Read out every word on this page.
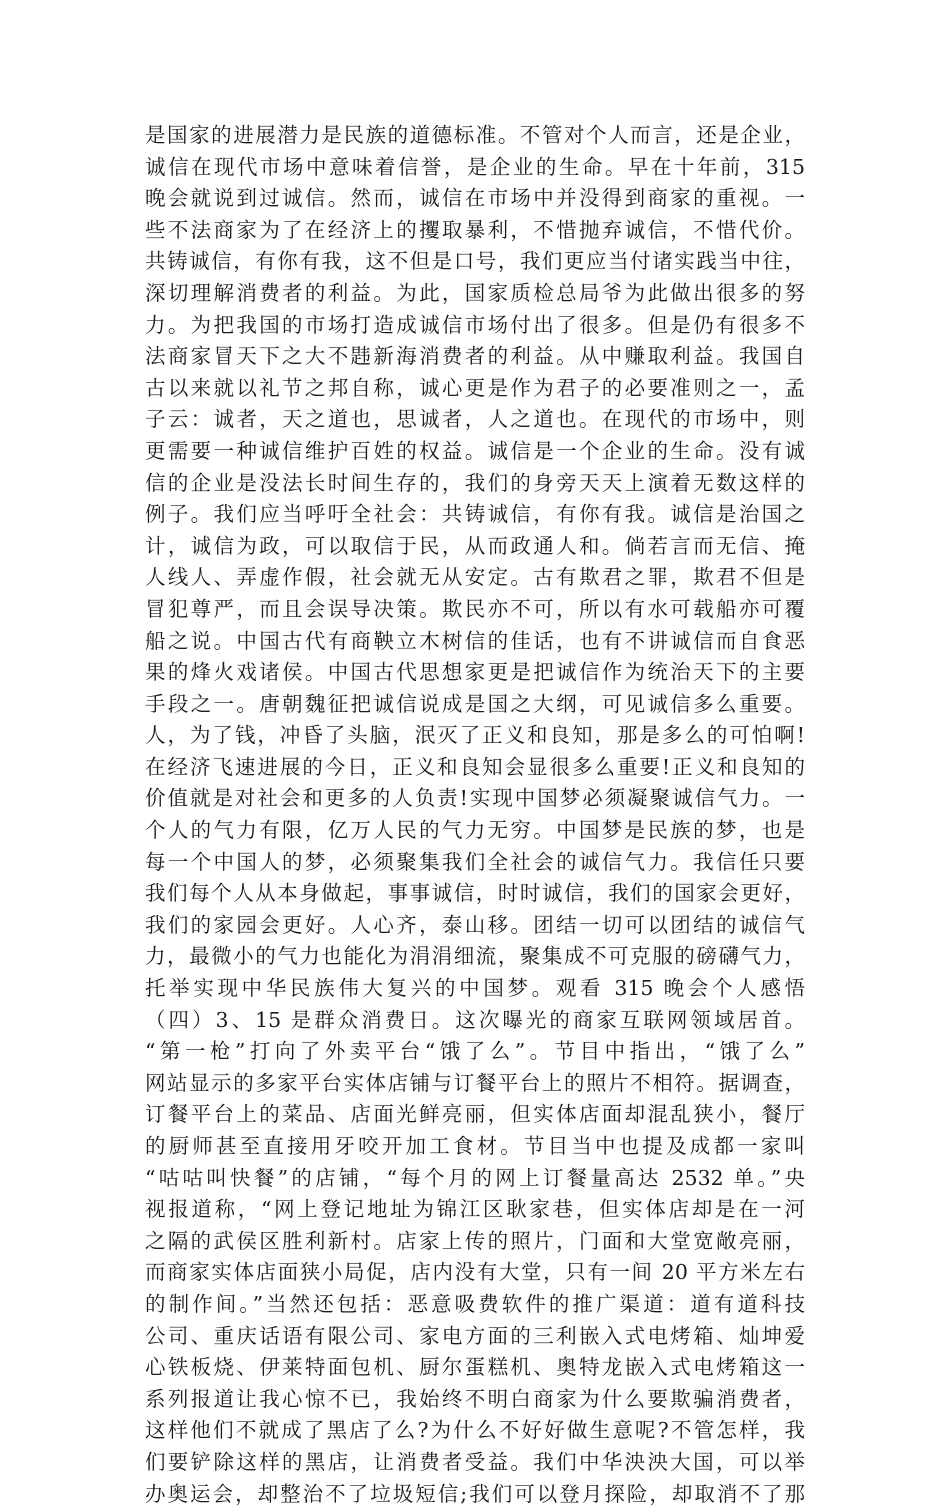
是国家的进展潜力是民族的道德标准。不管对个人而言，还是企业，
诚信在现代市场中意味着信誉，是企业的生命。早在十年前，315
晚会就说到过诚信。然而，诚信在市场中并没得到商家的重视。一
些不法商家为了在经济上的攫取暴利，不惜抛弃诚信，不惜代价。
共铸诚信，有你有我，这不但是口号，我们更应当付诸实践当中往，
深切理解消费者的利益。为此，国家质检总局爷为此做出很多的努
力。为把我国的市场打造成诚信市场付出了很多。但是仍有很多不
法商家冒天下之大不韪新海消费者的利益。从中赚取利益。我国自
古以来就以礼节之邦自称，诚心更是作为君子的必要准则之一，孟
子云：诚者，天之道也，思诚者，人之道也。在现代的市场中，则
更需要一种诚信维护百姓的权益。诚信是一个企业的生命。没有诚
信的企业是没法长时间生存的，我们的身旁天天上演着无数这样的
例子。我们应当呼吁全社会：共铸诚信，有你有我。诚信是治国之
计，诚信为政，可以取信于民，从而政通人和。倘若言而无信、掩
人线人、弄虚作假，社会就无从安定。古有欺君之罪，欺君不但是
冒犯尊严，而且会误导决策。欺民亦不可，所以有水可载船亦可覆
船之说。中国古代有商鞅立木树信的佳话，也有不讲诚信而自食恶
果的烽火戏诸侯。中国古代思想家更是把诚信作为统治天下的主要
手段之一。唐朝魏征把诚信说成是国之大纲，可见诚信多么重要。
人，为了钱，冲昏了头脑，泯灭了正义和良知，那是多么的可怕啊!
在经济飞速进展的今日，正义和良知会显很多么重要!正义和良知的
价值就是对社会和更多的人负责!实现中国梦必须凝聚诚信气力。一
个人的气力有限，亿万人民的气力无穷。中国梦是民族的梦，也是
每一个中国人的梦，必须聚集我们全社会的诚信气力。我信任只要
我们每个人从本身做起，事事诚信，时时诚信，我们的国家会更好，
我们的家园会更好。人心齐，泰山移。团结一切可以团结的诚信气
力，最微小的气力也能化为涓涓细流，聚集成不可克服的磅礴气力，
托举实现中华民族伟大复兴的中国梦。观看 315 晚会个人感悟
（四）3、15 是群众消费日。这次曝光的商家互联网领域居首。
“第一枪”打向了外卖平台“饿了么”。节目中指出，“饿了么”
网站显示的多家平台实体店铺与订餐平台上的照片不相符。据调查，
订餐平台上的菜品、店面光鲜亮丽，但实体店面却混乱狭小，餐厅
的厨师甚至直接用牙咬开加工食材。节目当中也提及成都一家叫
“咕咕叫快餐”的店铺，“每个月的网上订餐量高达 2532 单。”央
视报道称，“网上登记地址为锦江区耿家巷，但实体店却是在一河
之隔的武侯区胜利新村。店家上传的照片，门面和大堂宽敞亮丽，
而商家实体店面狭小局促，店内没有大堂，只有一间 20 平方米左右
的制作间。”当然还包括：恶意吸费软件的推广渠道：道有道科技
公司、重庆话语有限公司、家电方面的三利嵌入式电烤箱、灿坤爱
心铁板烧、伊莱特面包机、厨尔蛋糕机、奥特龙嵌入式电烤箱这一
系列报道让我心惊不已，我始终不明白商家为什么要欺骗消费者，
这样他们不就成了黑店了么?为什么不好好做生意呢?不管怎样，我
们要铲除这样的黑店，让消费者受益。我们中华泱泱大国，可以举
办奥运会，却整治不了垃圾短信;我们可以登月探险，却取消不了那
